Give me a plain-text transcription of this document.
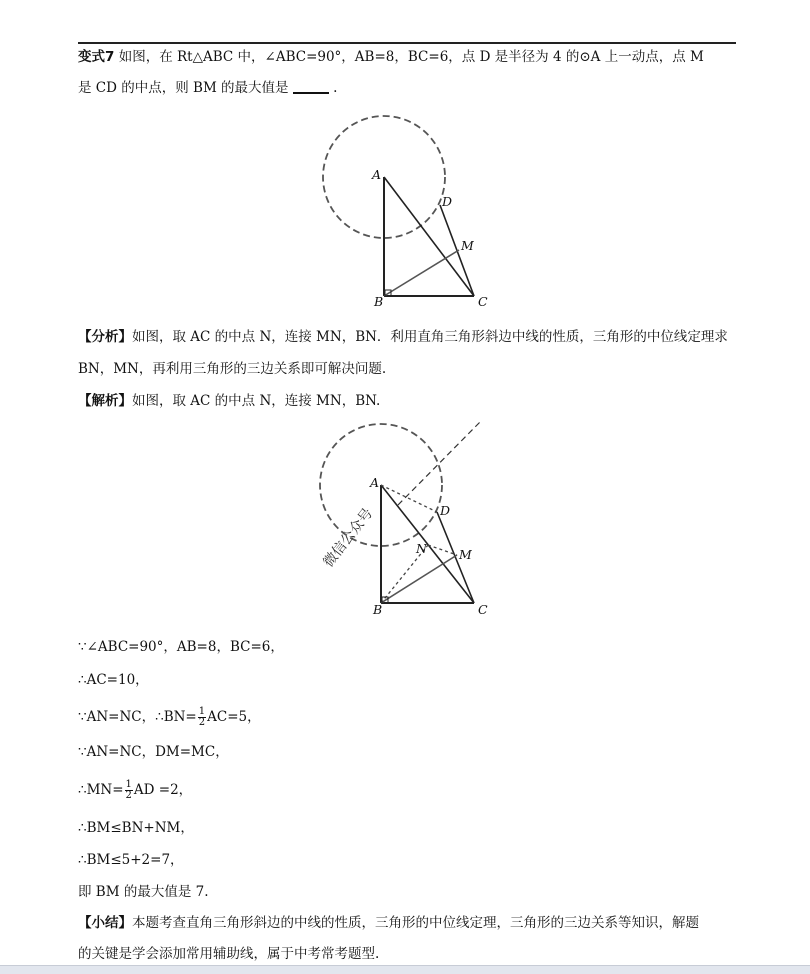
变式7 如图，在 Rt△ABC 中，∠ABC=90°，AB=8，BC=6，点 D 是半径为 4 的⊙A 上一动点，点 M
是 CD 的中点，则 BM 的最大值是	.
A
B	C
D
M
【分析】如图，取 AC 的中点 N，连接 MN，BN．利用直角三角形斜边中线的性质，三角形的中位线定理求
BN，MN，再利用三角形的三边关系即可解决问题.
【解析】如图，取 AC 的中点 N，连接 MN，BN.
A
B	C
D
M
N
微信公众号
∵∠ABC=90°，AB=8，BC=6，
∴AC=10，
∵AN=NC，∴BN= $\frac{1}{2} AC=5$，
∵AN=NC，DM=MC，
∴MN= $\frac{1}{2}$ AD =2，
∴BM≤BN+NM，
∴BM≤5+2=7，
即 BM 的最大值是 7.
【小结】本题考查直角三角形斜边的中线的性质，三角形的中位线定理，三角形的三边关系等知识，解题
的关键是学会添加常用辅助线，属于中考常考题型.
